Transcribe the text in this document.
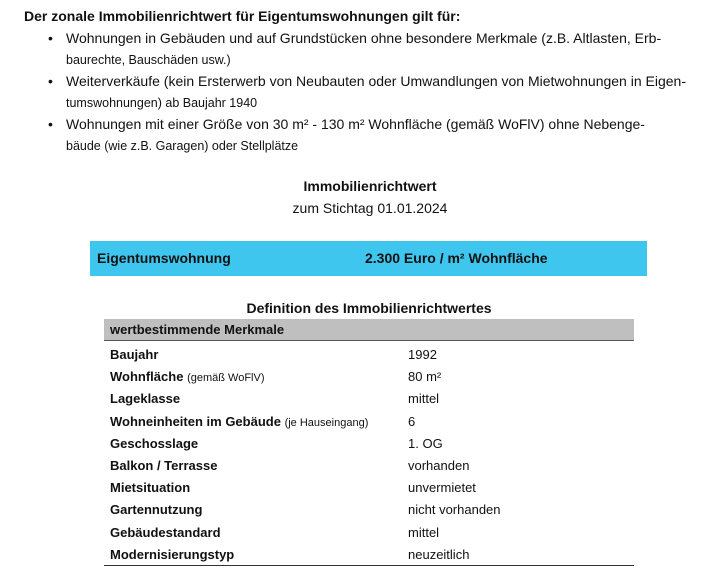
Der zonale Immobilienrichtwert für Eigentumswohnungen gilt für:

• Wohnungen in Gebäuden und auf Grundstücken ohne besondere Merkmale (z.B. Altlasten, Erb-
baurechte, Bauschäden usw.)
• Weiterverkäufe (kein Ersterwerb von Neubauten oder Umwandlungen von Mietwohnungen in Eigen-
tumswohnungen) ab Baujahr 1940
• Wohnungen mit einer Größe von 30 m² - 130 m² Wohnfläche (gemäß WoFlV) ohne Nebenge-
bäude (wie z.B. Garagen) oder Stellplätze
Immobilienrichtwert
zum Stichtag 01.01.2024
Eigentumswohnung	2.300 Euro / m² Wohnfläche
Definition des Immobilienrichtwertes
wertbestimmende Merkmale
Baujahr	1992
Wohnfläche (gemäß WoFlV)	80 m²
Lageklasse	mittel
Wohneinheiten im Gebäude (je Hauseingang)	6
Geschosslage	1. OG
Balkon / Terrasse	vorhanden
Mietsituation	unvermietet
Gartennutzung	nicht vorhanden
Gebäudestandard	mittel
Modernisierungstyp	neuzeitlich
